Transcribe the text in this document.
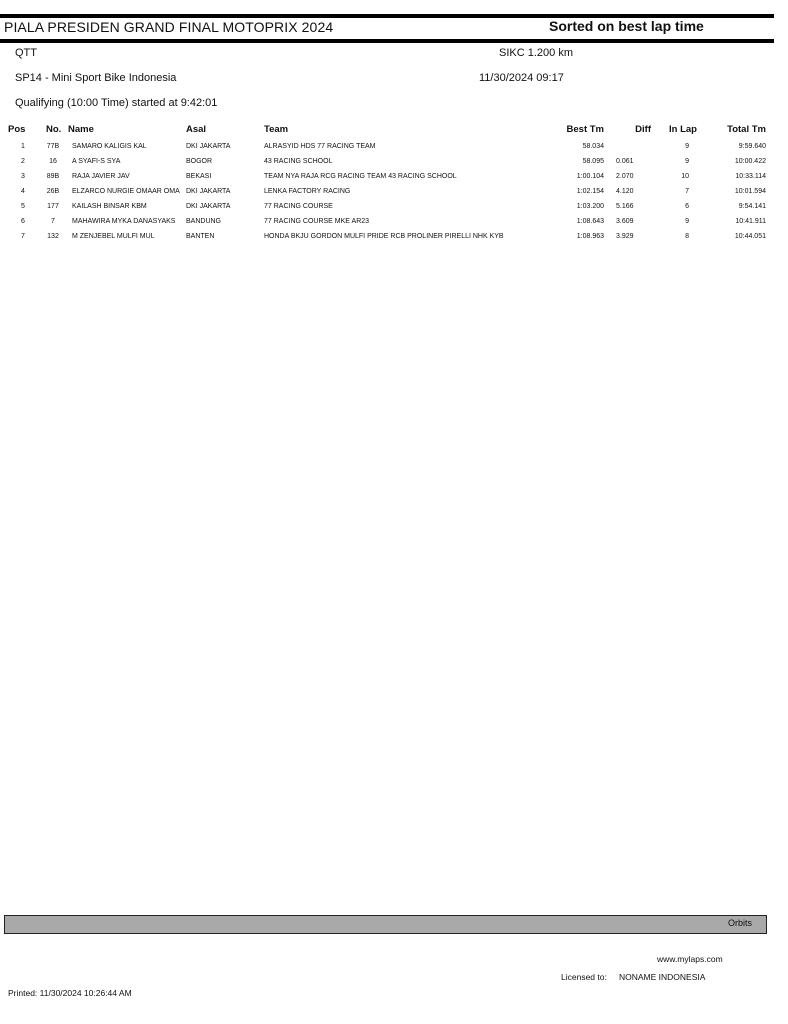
PIALA PRESIDEN GRAND FINAL MOTOPRIX 2024	Sorted on best lap time
QTT	SIKC 1.200 km
SP14 - Mini Sport Bike Indonesia	11/30/2024 09:17
Qualifying (10:00 Time) started at 9:42:01
Pos	No.	Name	Asal	Team	Best Tm	Diff	In Lap	Total Tm
1	77B	SAMARO KALIGIS KAL	DKI JAKARTA	ALRASYID HDS 77 RACING TEAM	58.034		9	9:59.640
2	16	A SYAFI-S SYA	BOGOR	43 RACING SCHOOL	58.095	0.061	9	10:00.422
3	89B	RAJA JAVIER JAV	BEKASI	TEAM NYA RAJA RCG RACING TEAM 43 RACING SCHOOL	1:00.104	2.070	10	10:33.114
4	26B	ELZARCO NURGIE OMAAR OMA	DKI JAKARTA	LENKA FACTORY RACING	1:02.154	4.120	7	10:01.594
5	177	KAILASH BINSAR KBM	DKI JAKARTA	77 RACING COURSE	1:03.200	5.166	6	9:54.141
6	7	MAHAWIRA MYKA DANASYAKS	BANDUNG	77 RACING COURSE MKE AR23	1:08.643	3.609	9	10:41.911
7	132	M ZENJEBEL MULFI MUL	BANTEN	HONDA BKJU GORDON MULFI PRIDE RCB PROLINER PIRELLI NHK KYB	1:08.963	3.929	8	10:44.051
Orbits
www.mylaps.com
Licensed to: NONAME INDONESIA
Printed: 11/30/2024 10:26:44 AM
